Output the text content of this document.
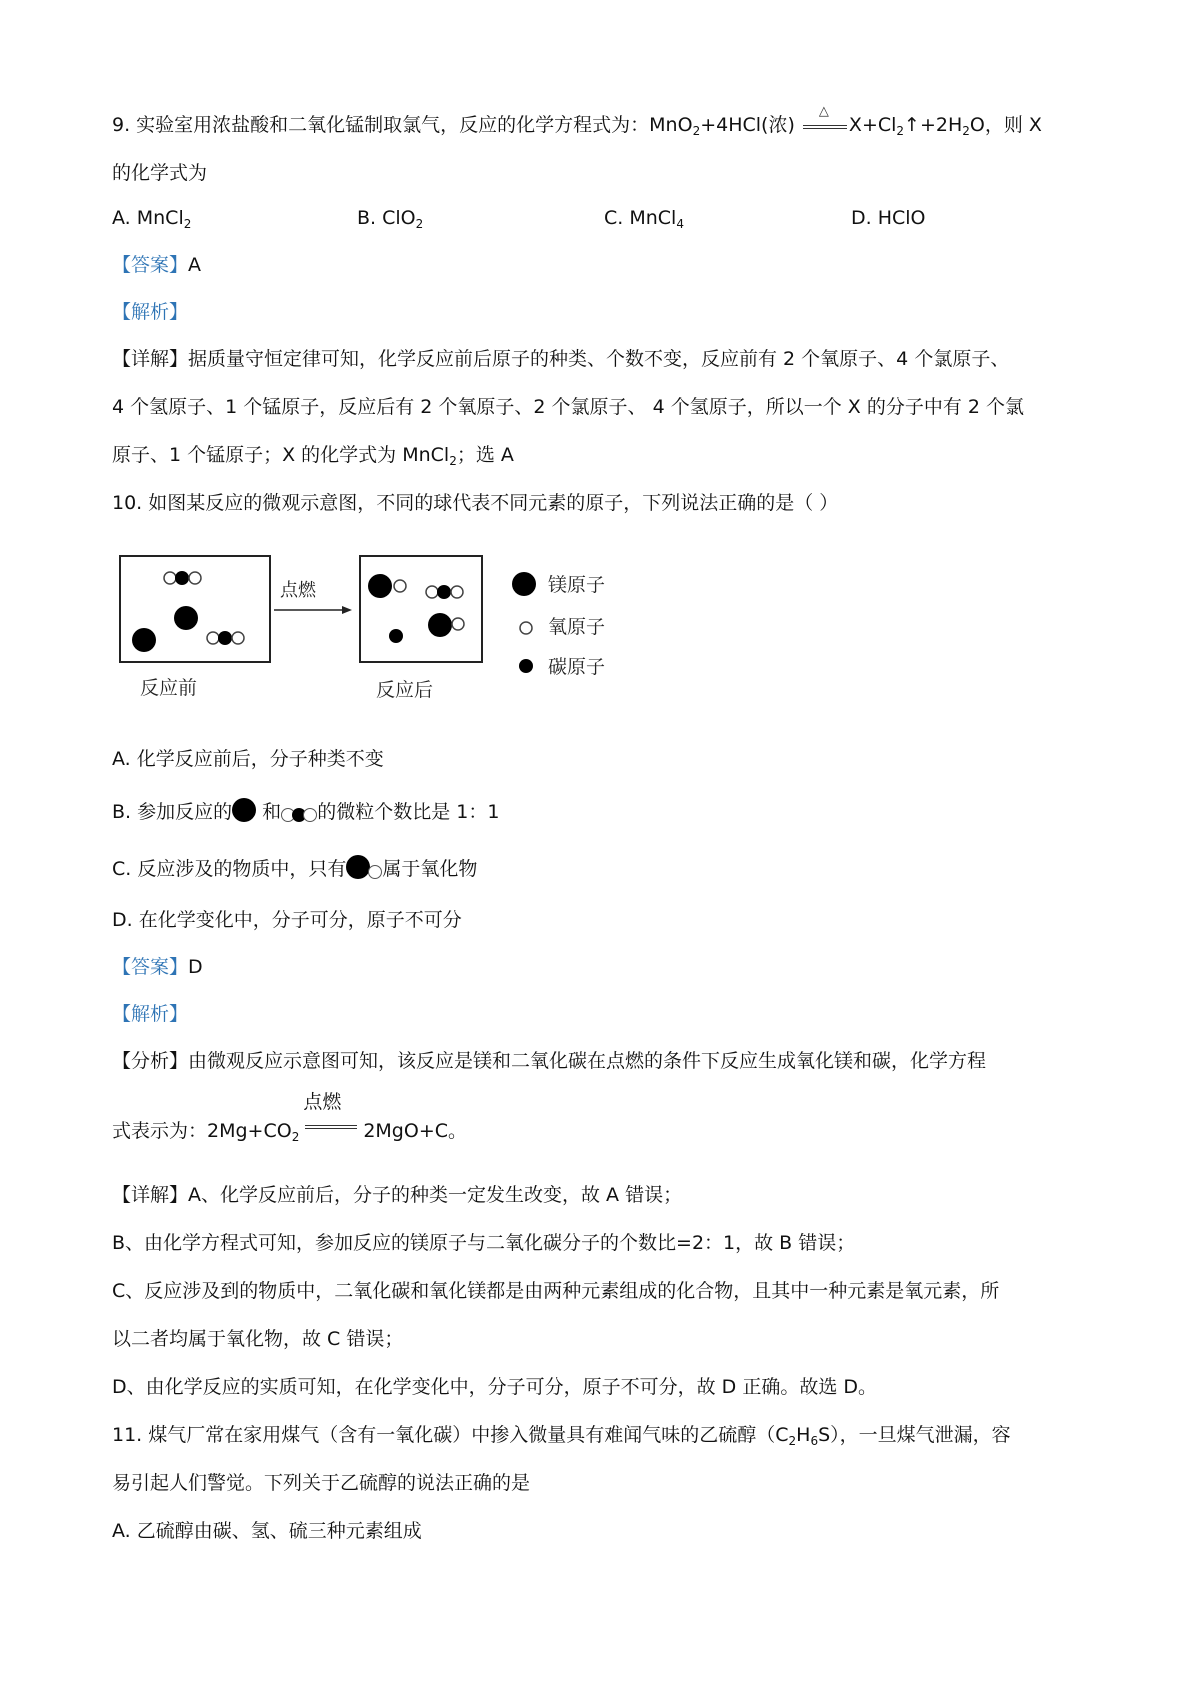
9. 实验室用浓盐酸和二氧化锰制取氯气，反应的化学方程式为：MnO$_2$+4HCl(浓)
△
$X+Cl_2↑+2H_2O$，则 X
的化学式为
A. MnCl$_2$	B. ClO$_2$	C. MnCl$_4$	D. HClO
【答案】A
【解析】
【详解】据质量守恒定律可知，化学反应前后原子的种类、个数不变，反应前有 2 个氧原子、4 个氯原子、
4 个氢原子、1 个锰原子，反应后有 2 个氧原子、2 个氯原子、 4 个氢原子，所以一个 X 的分子中有 2 个氯
原子、1 个锰原子；X 的化学式为 MnCl$_2$；选 A
10. 如图某反应的微观示意图，不同的球代表不同元素的原子，下列说法正确的是（ ）
点燃
反应前	反应后
镁原子
氧原子
碳原子
A. 化学反应前后，分子种类不变
B. 参加反应的 和 的微粒个数比是 1：1
C. 反应涉及的物质中，只有 属于氧化物
D. 在化学变化中，分子可分，原子不可分
【答案】D
【解析】
【分析】由微观反应示意图可知，该反应是镁和二氧化碳在点燃的条件下反应生成氧化镁和碳，化学方程
式表示为：$2Mg+CO_2$
点燃
2MgO+C。
【详解】A、化学反应前后，分子的种类一定发生改变，故 A 错误；
B、由化学方程式可知，参加反应的镁原子与二氧化碳分子的个数比=2：1，故 B 错误；
C、反应涉及到的物质中，二氧化碳和氧化镁都是由两种元素组成的化合物，且其中一种元素是氧元素，所
以二者均属于氧化物，故 C 错误；
D、由化学反应的实质可知，在化学变化中，分子可分，原子不可分，故 D 正确。故选 D。
11. 煤气厂常在家用煤气（含有一氧化碳）中掺入微量具有难闻气味的乙硫醇$(C_2H_6S)$，一旦煤气泄漏，容
易引起人们警觉。下列关于乙硫醇的说法正确的是
A. 乙硫醇由碳、氢、硫三种元素组成
